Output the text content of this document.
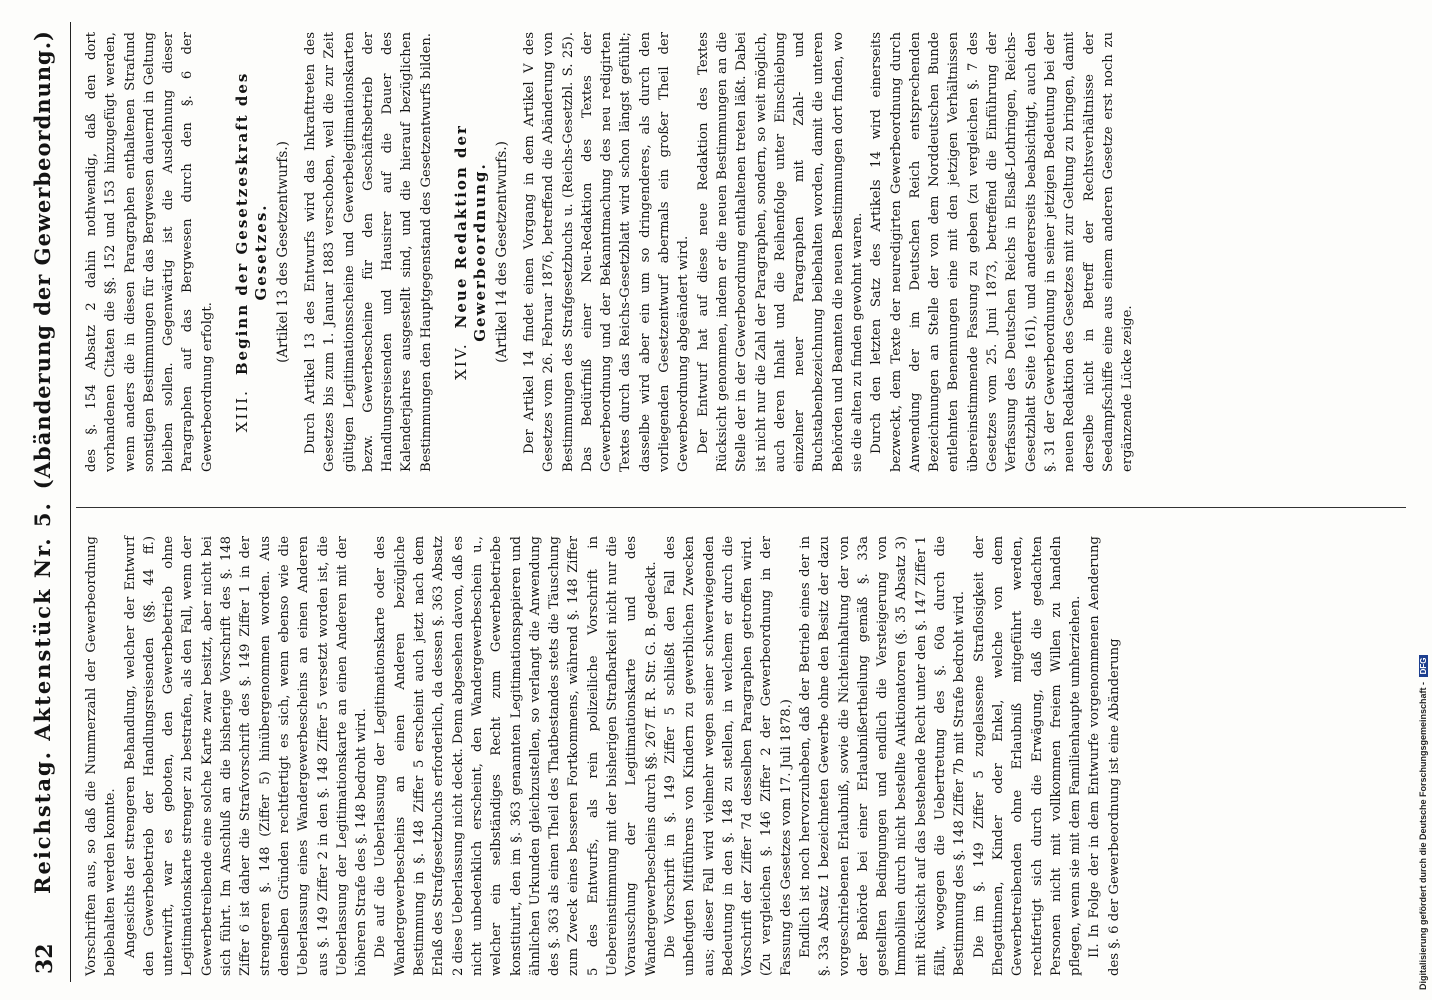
32
Reichstag. Aktenstück Nr. 5.
(Abänderung der Gewerbeordnung.)

Vorschriften aus, so daß die Nummerzahl der Gewerbeordnung beibehalten werden konnte. Angesichts der strengeren Behandlung, welcher der Entwurf den Gewerbebetrieb der Handlungsreisenden (§§. 44 ff.) unterwirft, war es geboten, den Gewerbebetrieb ohne Legitimationskarte strenger zu bestrafen, als den Fall, wenn der Gewerbetreibende eine solche Karte zwar besitzt, aber nicht bei sich führt. Im Anschluß an die bisherige Vorschrift des §. 148 Ziffer 6 ist daher die Strafvorschrift des §. 149 Ziffer 1 in der strengeren §. 148 (Ziffer 5) hinübergenommen worden. Aus denselben Gründen rechtfertigt es sich, wenn ebenso wie die Ueberlassung eines Wandergewerbescheins an einen Anderen aus §. 149 Ziffer 2 in den §. 148 Ziffer 5 versetzt worden ist, die Ueberlassung der Legitimationskarte an einen Anderen mit der höheren Strafe des §. 148 bedroht wird. Die auf die Ueberlassung der Legitimationskarte oder des Wandergewerbescheins an einen Anderen bezügliche Bestimmung in §. 148 Ziffer 5 erscheint auch jetzt nach dem Erlaß des Strafgesetzbuchs erforderlich, da dessen §. 363 Absatz 2 diese Ueberlassung nicht deckt. Denn abgesehen davon, daß es nicht unbedenklich erscheint, den Wandergewerbeschein u., welcher ein selbständiges Recht zum Gewerbebetriebe konstituirt, den im §. 363 genannten Legitimationspapieren und ähnlichen Urkunden gleichzustellen, so verlangt die Anwendung des §. 363 als einen Theil des Thatbestandes stets die Täuschung zum Zweck eines besseren Fortkommens, während §. 148 Ziffer 5 des Entwurfs, als rein polizeiliche Vorschrift in Uebereinstimmung mit der bisherigen Strafbarkeit nicht nur die Vorausschung der Legitimationskarte und des Wandergewerbescheins durch §§. 267 ff. R. Str. G. B. gedeckt. Die Vorschrift in §. 149 Ziffer 5 schließt den Fall des unbefugten Mitführens von Kindern zu gewerblichen Zwecken aus; dieser Fall wird vielmehr wegen seiner schwerwiegenden Bedeutung in den §. 148 zu stellen, in welchem er durch die Vorschrift der Ziffer 7d desselben Paragraphen getroffen wird. (Zu vergleichen §. 146 Ziffer 2 der Gewerbeordnung in der Fassung des Gesetzes vom 17. Juli 1878.) Endlich ist noch hervorzuheben, daß der Betrieb eines der in §. 33a Absatz 1 bezeichneten Gewerbe ohne den Besitz der dazu vorgeschriebenen Erlaubniß, sowie die Nichteinhaltung der von der Behörde bei einer Erlaubnißertheilung gemäß §. 33a gestellten Bedingungen und endlich die Versteigerung von Immobilien durch nicht bestellte Auktionatoren (§. 35 Absatz 3) mit Rücksicht auf das bestehende Recht unter den §. 147 Ziffer 1 fällt, wogegen die Uebertretung des §. 60a durch die Bestimmung des §. 148 Ziffer 7b mit Strafe bedroht wird. Die im §. 149 Ziffer 5 zugelassene Straflosigkeit der Ehegattinnen, Kinder oder Enkel, welche von dem Gewerbetreibenden ohne Erlaubniß mitgeführt werden, rechtfertigt sich durch die Erwägung, daß die gedachten Personen nicht mit vollkommen freiem Willen zu handeln pflegen, wenn sie mit dem Familienhaupte umherziehen. II. In Folge der in dem Entwurfe vorgenommenen Aenderung des §. 6 der Gewerbeordnung ist eine Abänderung

des §. 154 Absatz 2 dahin nothwendig, daß den dort vorhandenen Citaten die §§. 152 und 153 hinzugefügt werden, wenn anders die in diesen Paragraphen enthaltenen Strafund sonstigen Bestimmungen für das Bergwesen dauernd in Geltung bleiben sollen. Gegenwärtig ist die Ausdehnung dieser Paragraphen auf das Bergwesen durch den §. 6 der Gewerbeordnung erfolgt. XIII.Beginn der Gesetzeskraft des Gesetzes. (Artikel 13 des Gesetzentwurfs.) Durch Artikel 13 des Entwurfs wird das Inkrafttreten des Gesetzes bis zum 1. Januar 1883 verschoben, weil die zur Zeit gültigen Legitimationsscheine und Gewerbelegitimationskarten bezw. Gewerbescheine für den Geschäftsbetrieb der Handlungsreisenden und Hausirer auf die Dauer des Kalenderjahres ausgestellt sind, und die hierauf bezüglichen Bestimmungen den Hauptgegenstand des Gesetzentwurfs bilden. XIV.Neue Redaktion der Gewerbeordnung. (Artikel 14 des Gesetzentwurfs.) Der Artikel 14 findet einen Vorgang in dem Artikel V des Gesetzes vom 26. Februar 1876, betreffend die Abänderung von Bestimmungen des Strafgesetzbuchs u. (Reichs-Gesetzbl. S. 25). Das Bedürfniß einer Neu-Redaktion des Textes der Gewerbeordnung und der Bekanntmachung des neu redigirten Textes durch das Reichs-Gesetzblatt wird schon längst gefühlt; dasselbe wird aber ein um so dringenderes, als durch den vorliegenden Gesetzentwurf abermals ein großer Theil der Gewerbeordnung abgeändert wird. Der Entwurf hat auf diese neue Redaktion des Textes Rücksicht genommen, indem er die neuen Bestimmungen an die Stelle der in der Gewerbeordnung enthaltenen treten läßt. Dabei ist nicht nur die Zahl der Paragraphen, sondern, so weit möglich, auch deren Inhalt und die Reihenfolge unter Einschiebung einzelner neuer Paragraphen mit Zahl- und Buchstabenbezeichnung beibehalten worden, damit die unteren Behörden und Beamten die neuen Bestimmungen dort finden, wo sie die alten zu finden gewohnt waren. Durch den letzten Satz des Artikels 14 wird einerseits bezweckt, dem Texte der neuredigirten Gewerbeordnung durch Anwendung der im Deutschen Reich entsprechenden Bezeichnungen an Stelle der von dem Norddeutschen Bunde entlehnten Benennungen eine mit den jetzigen Verhältnissen übereinstimmende Fassung zu geben (zu vergleichen §. 7 des Gesetzes vom 25. Juni 1873, betreffend die Einführung der Verfassung des Deutschen Reichs in Elsaß-Lothringen, Reichs-Gesetzblatt Seite 161), und andererseits beabsichtigt, auch den §. 31 der Gewerbeordnung in seiner jetzigen Bedeutung bei der neuen Redaktion des Gesetzes mit zur Geltung zu bringen, damit derselbe nicht in Betreff der Rechtsverhältnisse der Seedampfschiffe eine aus einem anderen Gesetze erst noch zu ergänzende Lücke zeige.

Digitalisierung gefördert durch die Deutsche Forschungsgemeinschaft - DFG
